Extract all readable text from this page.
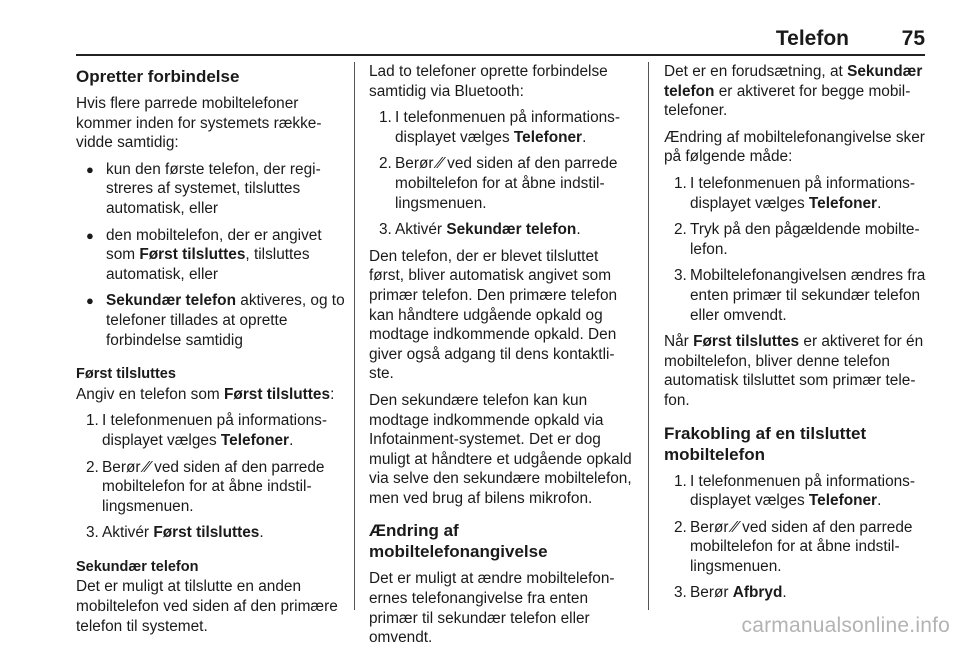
Telefon	75
Opretter forbindelse

Hvis flere parrede mobiltelefoner kommer inden for systemets række-vidde samtidig:

● kun den første telefon, der regi-streres af systemet, tilsluttes automatisk, eller
● den mobiltelefon, der er angivet som Først tilsluttes, tilsluttes automatisk, eller
● Sekundær telefon aktiveres, og to telefoner tillades at oprette forbindelse samtidig
Først tilsluttes

Angiv en telefon som Først tilsluttes:

1. I telefonmenuen på informations-displayet vælges Telefoner.
2. Berør ⁄⁄ ved siden af den parrede mobiltelefon for at åbne indstil-lingsmenuen.
3. Aktivér Først tilsluttes.
Sekundær telefon

Det er muligt at tilslutte en anden mobiltelefon ved siden af den primære telefon til systemet.

Lad to telefoner oprette forbindelse samtidig via Bluetooth:

1. I telefonmenuen på informations-displayet vælges Telefoner.
2. Berør ⁄⁄ ved siden af den parrede mobiltelefon for at åbne indstil-lingsmenuen.
3. Aktivér Sekundær telefon.

Den telefon, der er blevet tilsluttet først, bliver automatisk angivet som primær telefon. Den primære telefon kan håndtere udgående opkald og modtage indkommende opkald. Den giver også adgang til dens kontaktli-ste.

Den sekundære telefon kan kun modtage indkommende opkald via Infotainment-systemet. Det er dog muligt at håndtere et udgående opkald via selve den sekundære mobiltelefon, men ved brug af bilens mikrofon.

Ændring af mobiltelefonangivelse

Det er muligt at ændre mobiltelefon-ernes telefonangivelse fra enten primær til sekundær telefon eller omvendt.

Det er en forudsætning, at Sekundær telefon er aktiveret for begge mobil-telefoner.

Ændring af mobiltelefonangivelse sker på følgende måde:

1. I telefonmenuen på informations-displayet vælges Telefoner.
2. Tryk på den pågældende mobilte-lefon.
3. Mobiltelefonangivelsen ændres fra enten primær til sekundær telefon eller omvendt.

Når Først tilsluttes er aktiveret for én mobiltelefon, bliver denne telefon automatisk tilsluttet som primær tele-fon.

Frakobling af en tilsluttet mobiltelefon
1. I telefonmenuen på informations-displayet vælges Telefoner.
2. Berør ⁄⁄ ved siden af den parrede mobiltelefon for at åbne indstil-lingsmenuen.
3. Berør Afbryd.
carmanualsonline.info
